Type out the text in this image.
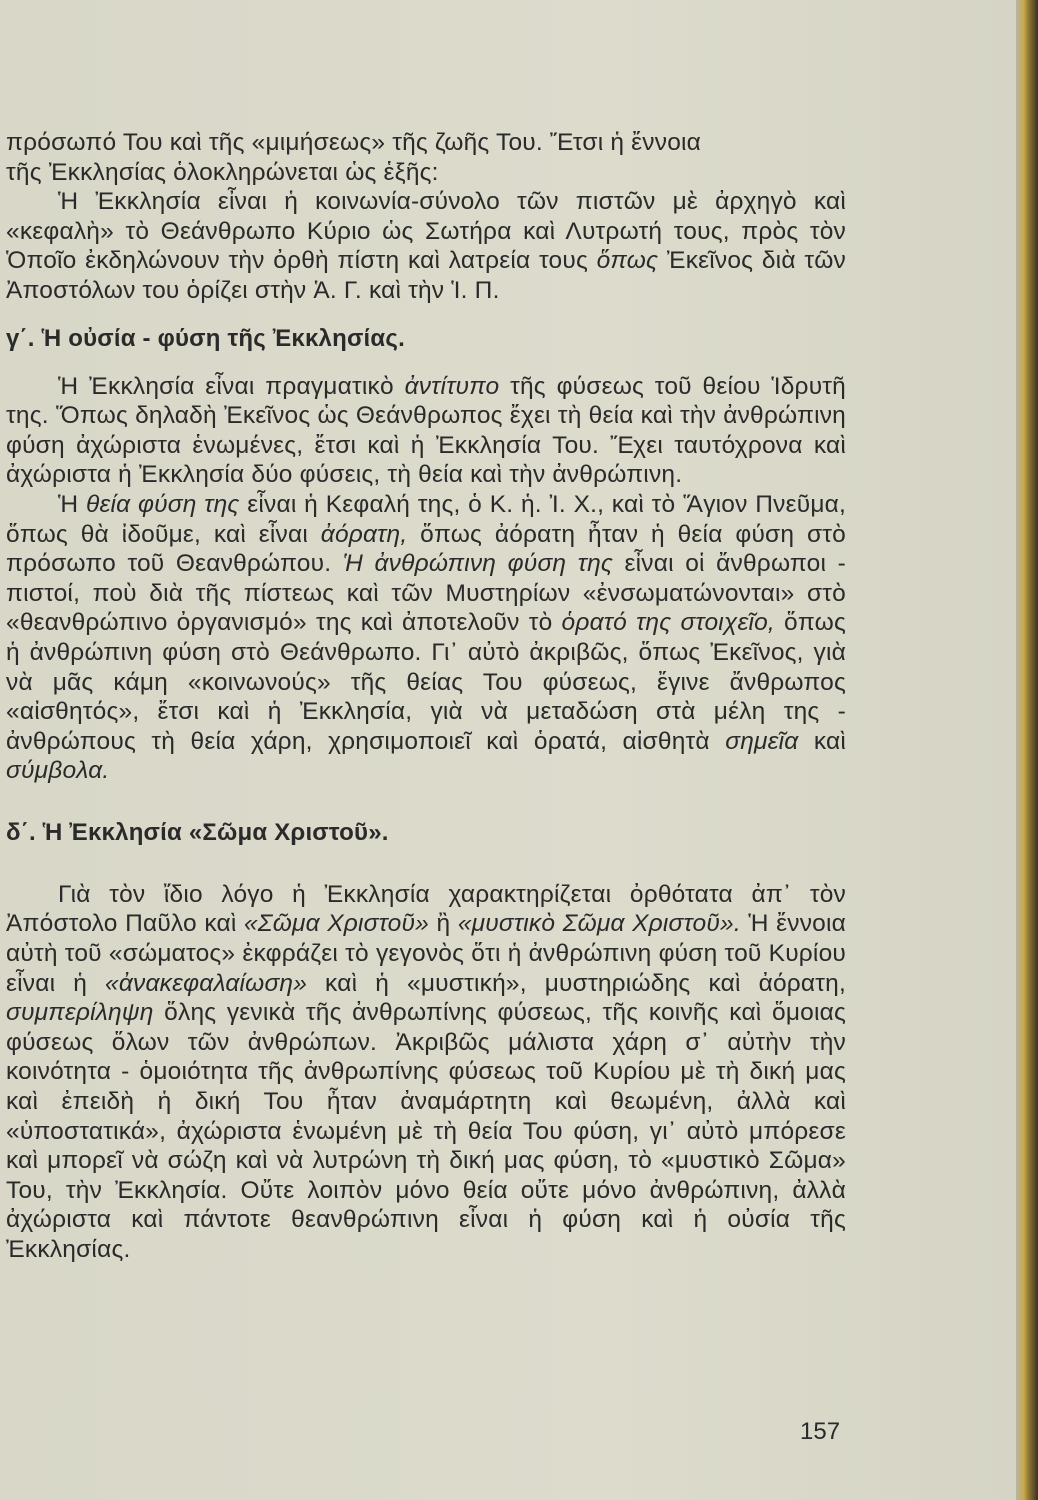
πρόσωπό Του καὶ τῆς «μιμήσεως» τῆς ζωῆς Του. Ἔτσι ἡ ἔννοια

τῆς Ἐκκλησίας ὁλοκληρώνεται ὡς ἑξῆς:

Ἡ Ἐκκλησία εἶναι ἡ κοινωνία-σύνολο τῶν πιστῶν μὲ ἀρχηγὸ καὶ «κεφαλὴ» τὸ Θεάνθρωπο Κύριο ὡς Σωτήρα καὶ Λυτρωτή τους, πρὸς τὸν Ὁποῖο ἐκδηλώνουν τὴν ὀρθὴ πίστη καὶ λατρεία τους ὅπως Ἐκεῖνος διὰ τῶν Ἀποστόλων του ὁρίζει στὴν Ἁ. Γ. καὶ τὴν Ἱ. Π.

γ΄. Ἡ οὐσία - φύση τῆς Ἐκκλησίας.

Ἡ Ἐκκλησία εἶναι πραγματικὸ ἀντίτυπο τῆς φύσεως τοῦ θείου Ἱδρυτῆ της. Ὅπως δηλαδὴ Ἐκεῖνος ὡς Θεάνθρωπος ἔχει τὴ θεία καὶ τὴν ἀνθρώπινη φύση ἀχώριστα ἑνωμένες, ἔτσι καὶ ἡ Ἐκκλησία Του. Ἔχει ταυτόχρονα καὶ ἀχώριστα ἡ Ἐκκλησία δύο φύσεις, τὴ θεία καὶ τὴν ἀνθρώπινη.

Ἡ θεία φύση της εἶναι ἡ Κεφαλή της, ὁ Κ. ἡ. Ἰ. Χ., καὶ τὸ Ἅγιον Πνεῦμα, ὅπως θὰ ἰδοῦμε, καὶ εἶναι ἀόρατη, ὅπως ἀόρατη ἦταν ἡ θεία φύση στὸ πρόσωπο τοῦ Θεανθρώπου. Ἡ ἀνθρώπινη φύση της εἶναι οἱ ἄνθρωποι - πιστοί, ποὺ διὰ τῆς πίστεως καὶ τῶν Μυστηρίων «ἐνσωματώνονται» στὸ «θεανθρώπινο ὀργανισμό» της καὶ ἀποτελοῦν τὸ ὁρατό της στοιχεῖο, ὅπως ἡ ἀνθρώπινη φύση στὸ Θεάνθρωπο. Γι᾽ αὐτὸ ἀκριβῶς, ὅπως Ἐκεῖνος, γιὰ νὰ μᾶς κάμη «κοινωνούς» τῆς θείας Του φύσεως, ἔγινε ἄνθρωπος «αἰσθητός», ἔτσι καὶ ἡ Ἐκκλησία, γιὰ νὰ μεταδώση στὰ μέλη της - ἀνθρώπους τὴ θεία χάρη, χρησιμοποιεῖ καὶ ὁρατά, αἰσθητὰ σημεῖα καὶ σύμβολα.

δ΄. Ἡ Ἐκκλησία «Σῶμα Χριστοῦ».

Γιὰ τὸν ἴδιο λόγο ἡ Ἐκκλησία χαρακτηρίζεται ὀρθότατα ἀπ᾽ τὸν Ἀπόστολο Παῦλο καὶ «Σῶμα Χριστοῦ» ἢ «μυστικὸ Σῶμα Χριστοῦ». Ἡ ἔννοια αὐτὴ τοῦ «σώματος» ἐκφράζει τὸ γεγονὸς ὅτι ἡ ἀνθρώπινη φύση τοῦ Κυρίου εἶναι ἡ «ἀνακεφαλαίωση» καὶ ἡ «μυστική», μυστηριώδης καὶ ἀόρατη, συμπερίληψη ὅλης γενικὰ τῆς ἀνθρωπίνης φύσεως, τῆς κοινῆς καὶ ὅμοιας φύσεως ὅλων τῶν ἀνθρώπων. Ἀκριβῶς μάλιστα χάρη σ᾽ αὐτὴν τὴν κοινότητα - ὁμοιότητα τῆς ἀνθρωπίνης φύσεως τοῦ Κυρίου μὲ τὴ δική μας καὶ ἐπειδὴ ἡ δική Του ἦταν ἀναμάρτητη καὶ θεωμένη, ἀλλὰ καὶ «ὑποστατικά», ἀχώριστα ἑνωμένη μὲ τὴ θεία Του φύση, γι᾽ αὐτὸ μπόρεσε καὶ μπορεῖ νὰ σώζη καὶ νὰ λυτρώνη τὴ δική μας φύση, τὸ «μυστικὸ Σῶμα» Του, τὴν Ἐκκλησία. Οὔτε λοιπὸν μόνο θεία οὔτε μόνο ἀνθρώπινη, ἀλλὰ ἀχώριστα καὶ πάντοτε θεανθρώπινη εἶναι ἡ φύση καὶ ἡ οὐσία τῆς Ἐκκλησίας.

157
